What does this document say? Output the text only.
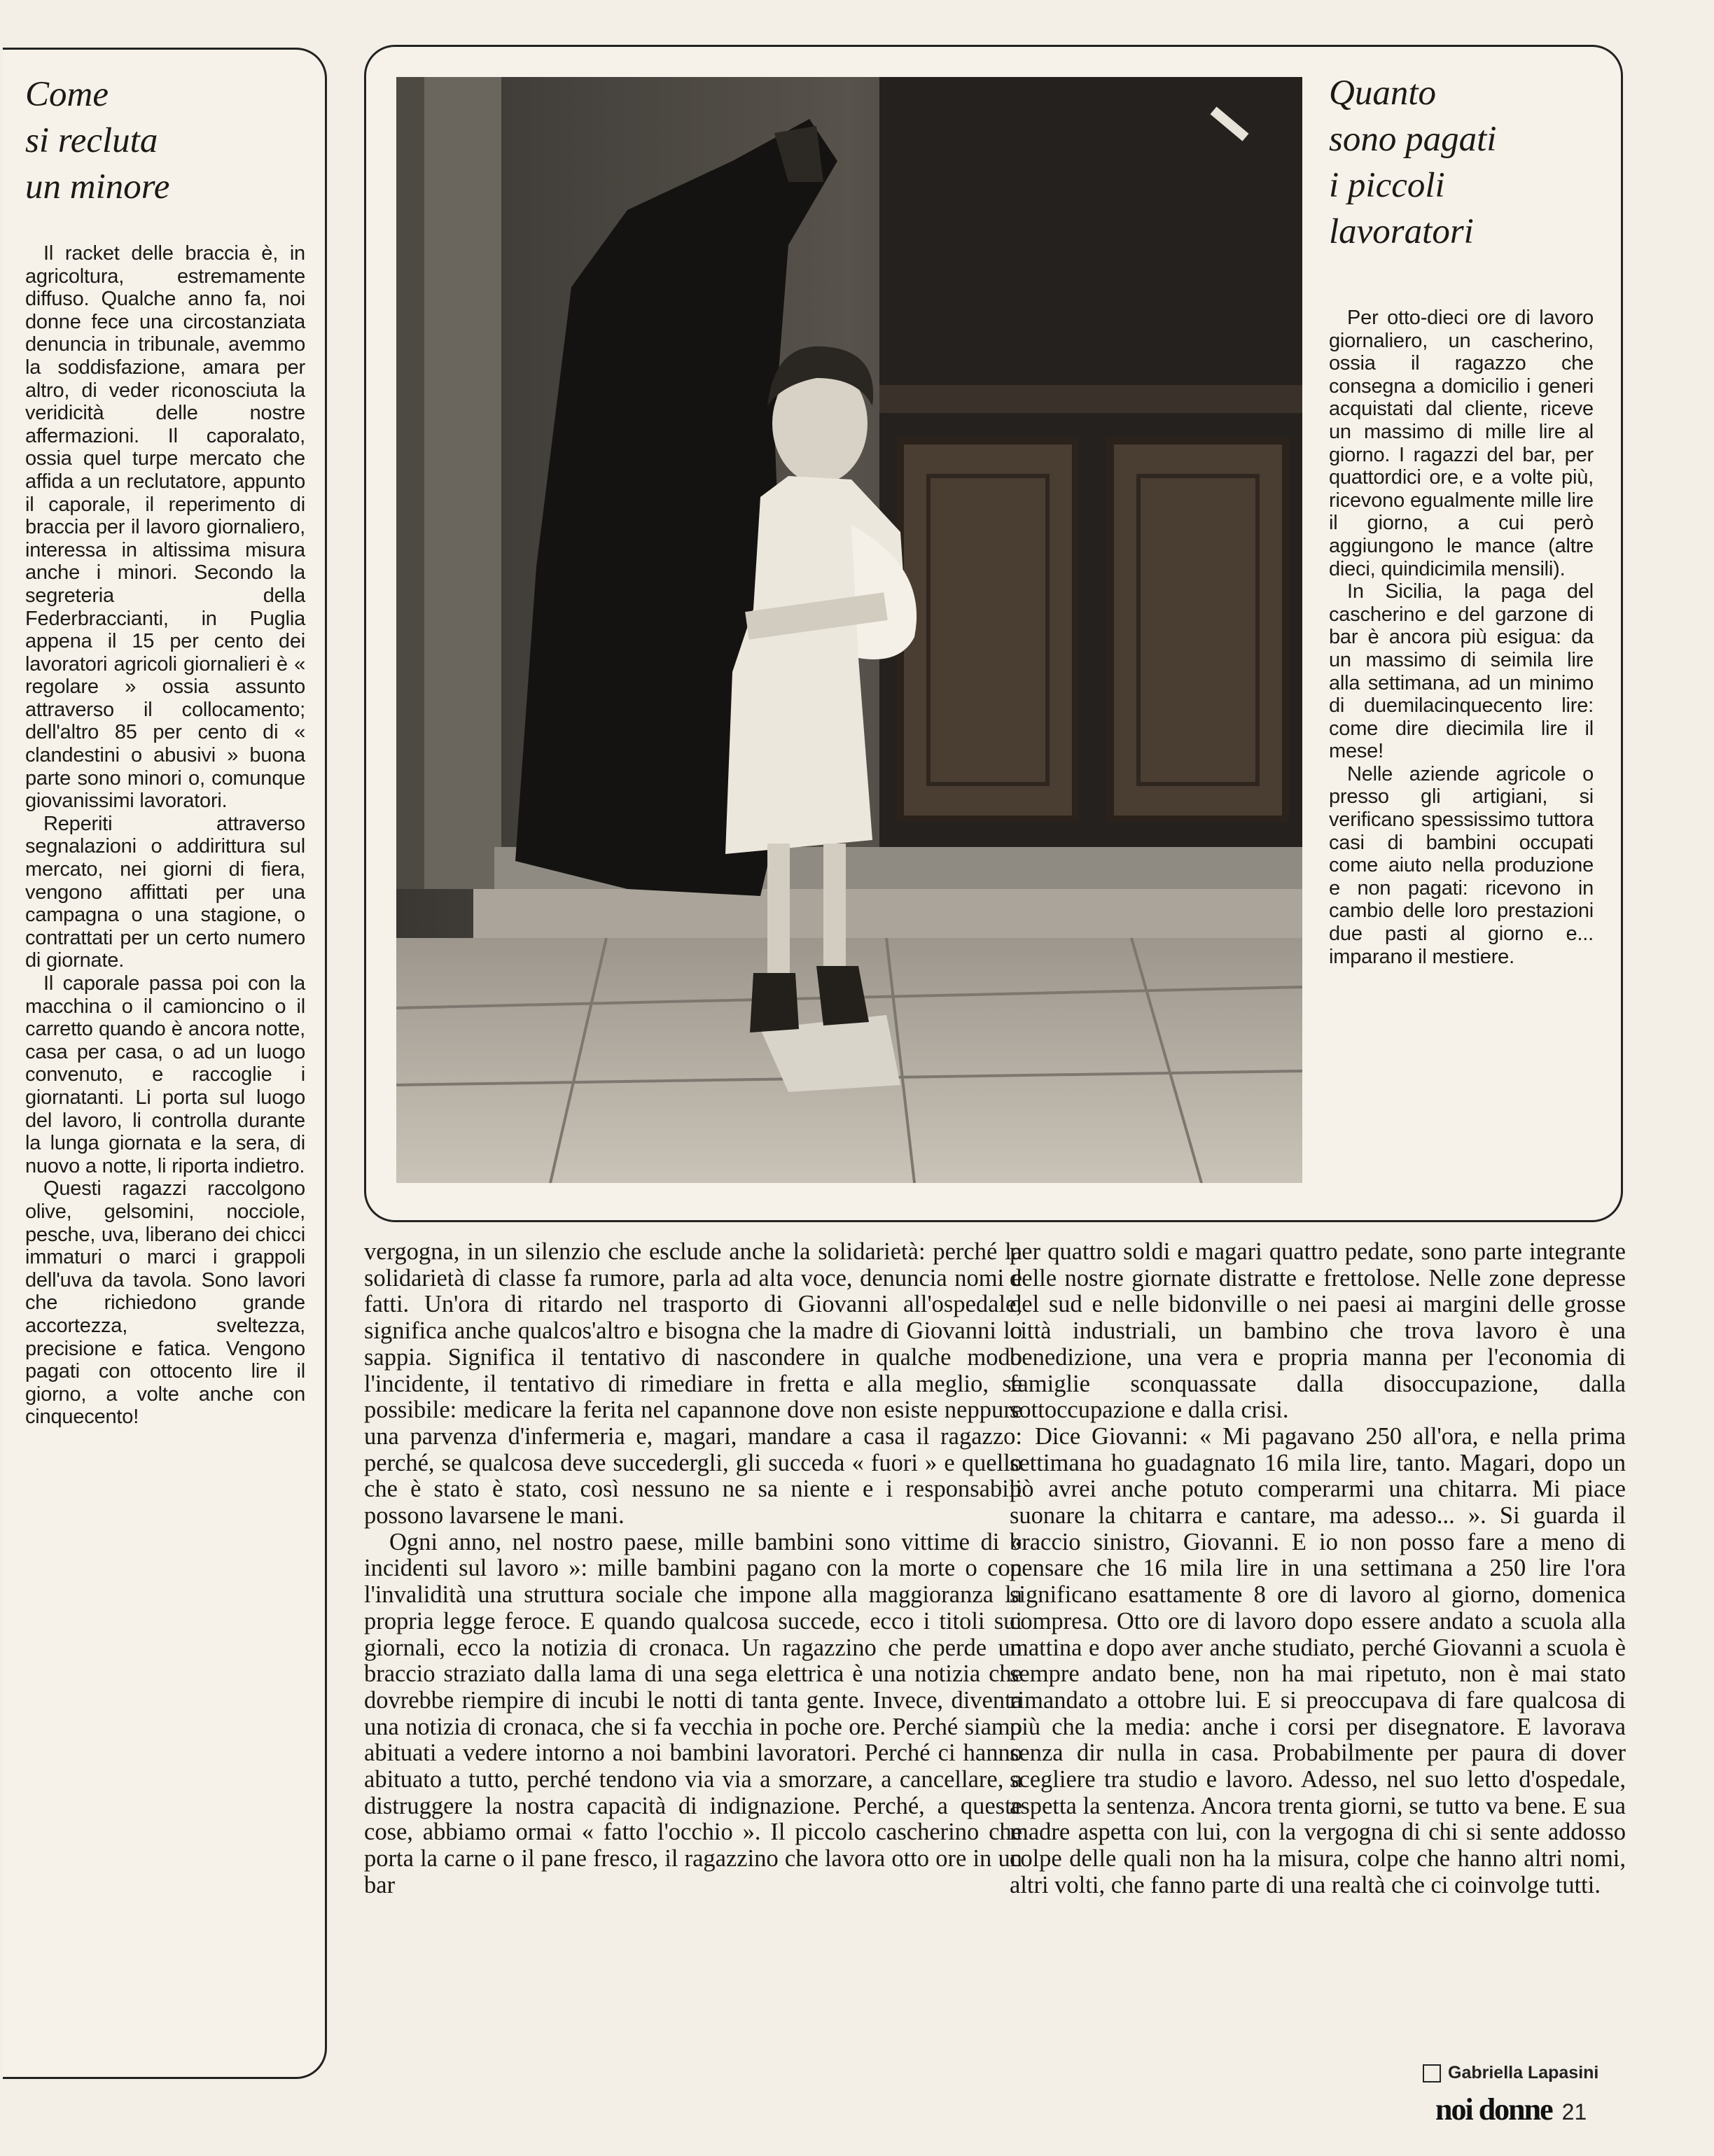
Come
si recluta
un minore

Il racket delle braccia è, in agricoltura, estremamente diffuso. Qualche anno fa, noi donne fece una circostanziata denuncia in tribunale, avemmo la soddisfazione, amara per altro, di veder riconosciuta la veridicità delle nostre affermazioni. Il caporalato, ossia quel turpe mercato che affida a un reclutatore, appunto il caporale, il reperimento di braccia per il lavoro giornaliero, interessa in altissima misura anche i minori. Secondo la segreteria della Federbraccianti, in Puglia appena il 15 per cento dei lavoratori agricoli giornalieri è « regolare » ossia assunto attraverso il collocamento; dell'altro 85 per cento di « clandestini o abusivi » buona parte sono minori o, comunque giovanissimi lavoratori.

Reperiti attraverso segnalazioni o addirittura sul mercato, nei giorni di fiera, vengono affittati per una campagna o una stagione, o contrattati per un certo numero di giornate.

Il caporale passa poi con la macchina o il camioncino o il carretto quando è ancora notte, casa per casa, o ad un luogo convenuto, e raccoglie i giornatanti. Li porta sul luogo del lavoro, li controlla durante la lunga giornata e la sera, di nuovo a notte, li riporta indietro.

Questi ragazzi raccolgono olive, gelsomini, nocciole, pesche, uva, liberano dei chicci immaturi o marci i grappoli dell'uva da tavola. Sono lavori che richiedono grande accortezza, sveltezza, precisione e fatica. Vengono pagati con ottocento lire il giorno, a volte anche con cinquecento!

Quanto
sono pagati
i piccoli
lavoratori

Per otto-dieci ore di lavoro giornaliero, un cascherino, ossia il ragazzo che consegna a domicilio i generi acquistati dal cliente, riceve un massimo di mille lire al giorno. I ragazzi del bar, per quattordici ore, e a volte più, ricevono egualmente mille lire il giorno, a cui però aggiungono le mance (altre dieci, quindicimila mensili).

In Sicilia, la paga del cascherino e del garzone di bar è ancora più esigua: da un massimo di seimila lire alla settimana, ad un minimo di duemilacinquecento lire: come dire diecimila lire il mese!

Nelle aziende agricole o presso gli artigiani, si verificano spessissimo tuttora casi di bambini occupati come aiuto nella produzione e non pagati: ricevono in cambio delle loro prestazioni due pasti al giorno e... imparano il mestiere.

vergogna, in un silenzio che esclude anche la solidarietà: perché la solidarietà di classe fa rumore, parla ad alta voce, denuncia nomi e fatti. Un'ora di ritardo nel trasporto di Giovanni all'ospedale, significa anche qualcos'altro e bisogna che la madre di Giovanni lo sappia. Significa il tentativo di nascondere in qualche modo l'incidente, il tentativo di rimediare in fretta e alla meglio, se possibile: medicare la ferita nel capannone dove non esiste neppure una parvenza d'infermeria e, magari, mandare a casa il ragazzo: perché, se qualcosa deve succedergli, gli succeda « fuori » e quello che è stato è stato, così nessuno ne sa niente e i responsabili possono lavarsene le mani.

Ogni anno, nel nostro paese, mille bambini sono vittime di « incidenti sul lavoro »: mille bambini pagano con la morte o con l'invalidità una struttura sociale che impone alla maggioranza la propria legge feroce. E quando qualcosa succede, ecco i titoli sui giornali, ecco la notizia di cronaca. Un ragazzino che perde un braccio straziato dalla lama di una sega elettrica è una notizia che dovrebbe riempire di incubi le notti di tanta gente. Invece, diventa una notizia di cronaca, che si fa vecchia in poche ore. Perché siamo abituati a vedere intorno a noi bambini lavoratori. Perché ci hanno abituato a tutto, perché tendono via via a smorzare, a cancellare, a distruggere la nostra capacità di indignazione. Perché, a queste cose, abbiamo ormai « fatto l'occhio ». Il piccolo cascherino che porta la carne o il pane fresco, il ragazzino che lavora otto ore in un bar

per quattro soldi e magari quattro pedate, sono parte integrante delle nostre giornate distratte e frettolose. Nelle zone depresse del sud e nelle bidonville o nei paesi ai margini delle grosse città industriali, un bambino che trova lavoro è una benedizione, una vera e propria manna per l'economia di famiglie sconquassate dalla disoccupazione, dalla sottoccupazione e dalla crisi.

Dice Giovanni: « Mi pagavano 250 all'ora, e nella prima settimana ho guadagnato 16 mila lire, tanto. Magari, dopo un pò avrei anche potuto comperarmi una chitarra. Mi piace suonare la chitarra e cantare, ma adesso... ». Si guarda il braccio sinistro, Giovanni. E io non posso fare a meno di pensare che 16 mila lire in una settimana a 250 lire l'ora significano esattamente 8 ore di lavoro al giorno, domenica compresa. Otto ore di lavoro dopo essere andato a scuola alla mattina e dopo aver anche studiato, perché Giovanni a scuola è sempre andato bene, non ha mai ripetuto, non è mai stato rimandato a ottobre lui. E si preoccupava di fare qualcosa di più che la media: anche i corsi per disegnatore. E lavorava senza dir nulla in casa. Probabilmente per paura di dover scegliere tra studio e lavoro. Adesso, nel suo letto d'ospedale, aspetta la sentenza. Ancora trenta giorni, se tutto va bene. E sua madre aspetta con lui, con la vergogna di chi si sente addosso colpe delle quali non ha la misura, colpe che hanno altri nomi, altri volti, che fanno parte di una realtà che ci coinvolge tutti.

Gabriella Lapasini
noi donne 21
